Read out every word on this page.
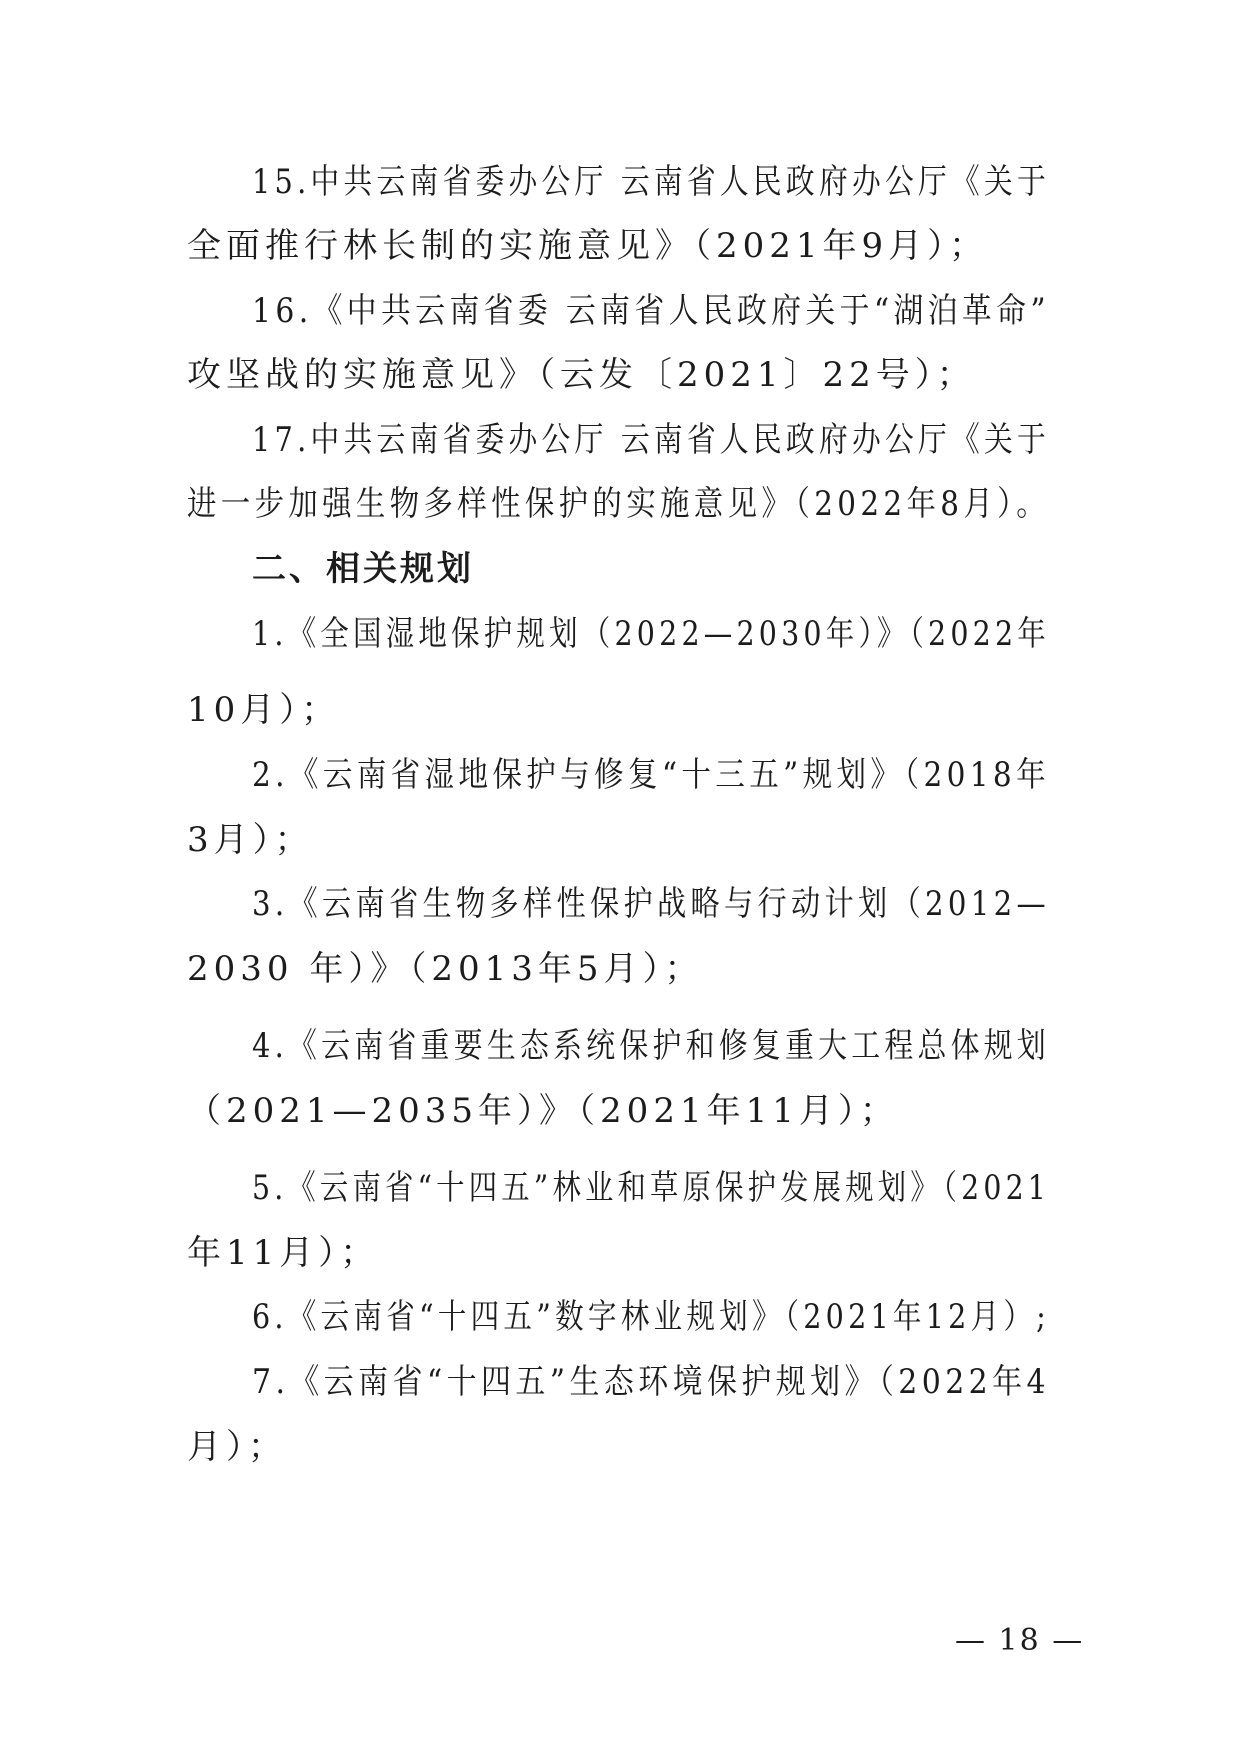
15.中共云南省委办公厅 云南省人民政府办公厅《关于
全面推行林长制的实施意见》（2021年9月）；
16.《中共云南省委 云南省人民政府关于“湖泊革命”
攻坚战的实施意见》（云发〔2021〕22号）；
17.中共云南省委办公厅 云南省人民政府办公厅《关于
进一步加强生物多样性保护的实施意见》（2022年8月）。
二、相关规划
1.《全国湿地保护规划（2022—2030年）》（2022年
10月）；
2.《云南省湿地保护与修复“十三五”规划》（2018年
3月）；
3.《云南省生物多样性保护战略与行动计划（2012—
2030 年）》（2013年5月）；
4.《云南省重要生态系统保护和修复重大工程总体规划
（2021—2035年）》（2021年11月）；
5.《云南省“十四五”林业和草原保护发展规划》（2021
年11月）；
6.《云南省“十四五”数字林业规划》（2021年12月）;
7.《云南省“十四五”生态环境保护规划》（2022年4
月）；
— 18 —
